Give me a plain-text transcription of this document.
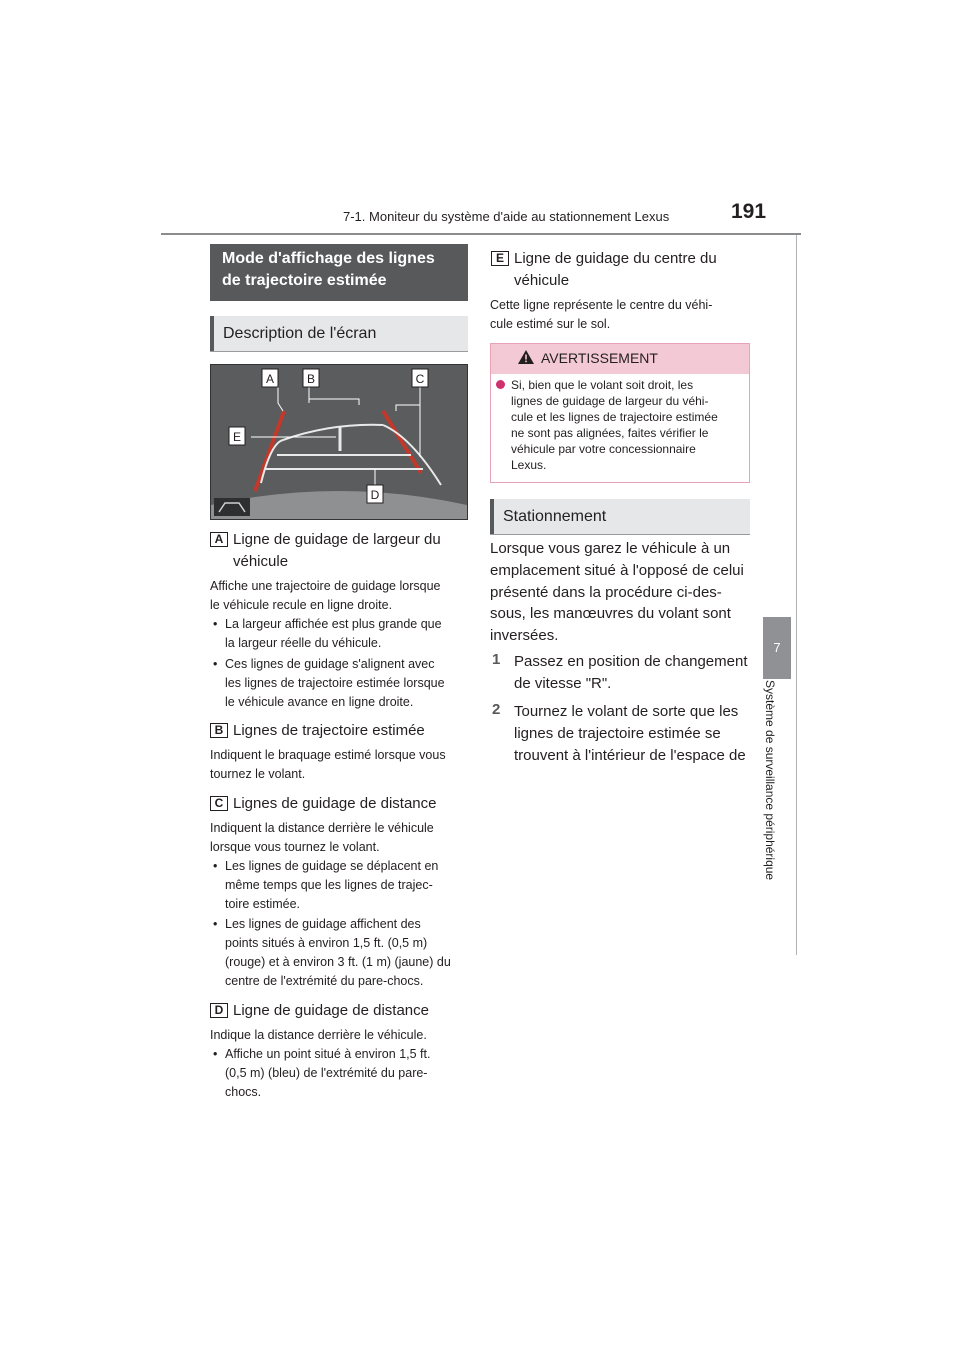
7-1. Moniteur du système d'aide au stationnement Lexus	191
7
Système de surveillance périphérique
Mode d'affichage des lignes
de trajectoire estimée
Description de l'écran
A	B	C
D
E
A Ligne de guidage de largeur du
véhicule
Affiche une trajectoire de guidage lorsque
le véhicule recule en ligne droite.
• La largeur affichée est plus grande que
la largeur réelle du véhicule.
• Ces lignes de guidage s'alignent avec
les lignes de trajectoire estimée lorsque
le véhicule avance en ligne droite.
B Lignes de trajectoire estimée
Indiquent le braquage estimé lorsque vous
tournez le volant.
C Lignes de guidage de distance
Indiquent la distance derrière le véhicule
lorsque vous tournez le volant.
• Les lignes de guidage se déplacent en
même temps que les lignes de trajec-
toire estimée.
• Les lignes de guidage affichent des
points situés à environ 1,5 ft. (0,5 m)
(rouge) et à environ 3 ft. (1 m) (jaune) du
centre de l'extrémité du pare-chocs.
D Ligne de guidage de distance
Indique la distance derrière le véhicule.
• Affiche un point situé à environ 1,5 ft.
(0,5 m) (bleu) de l'extrémité du pare-
chocs.
E Ligne de guidage du centre du
véhicule
Cette ligne représente le centre du véhi-
cule estimé sur le sol.
AVERTISSEMENT
Si, bien que le volant soit droit, les
lignes de guidage de largeur du véhi-
cule et les lignes de trajectoire estimée
ne sont pas alignées, faites vérifier le
véhicule par votre concessionnaire
Lexus.
Stationnement
Lorsque vous garez le véhicule à un
emplacement situé à l'opposé de celui
présenté dans la procédure ci-des-
sous, les manœuvres du volant sont
inversées.
1 Passez en position de changement
de vitesse "R".
2 Tournez le volant de sorte que les
lignes de trajectoire estimée se
trouvent à l'intérieur de l'espace de
